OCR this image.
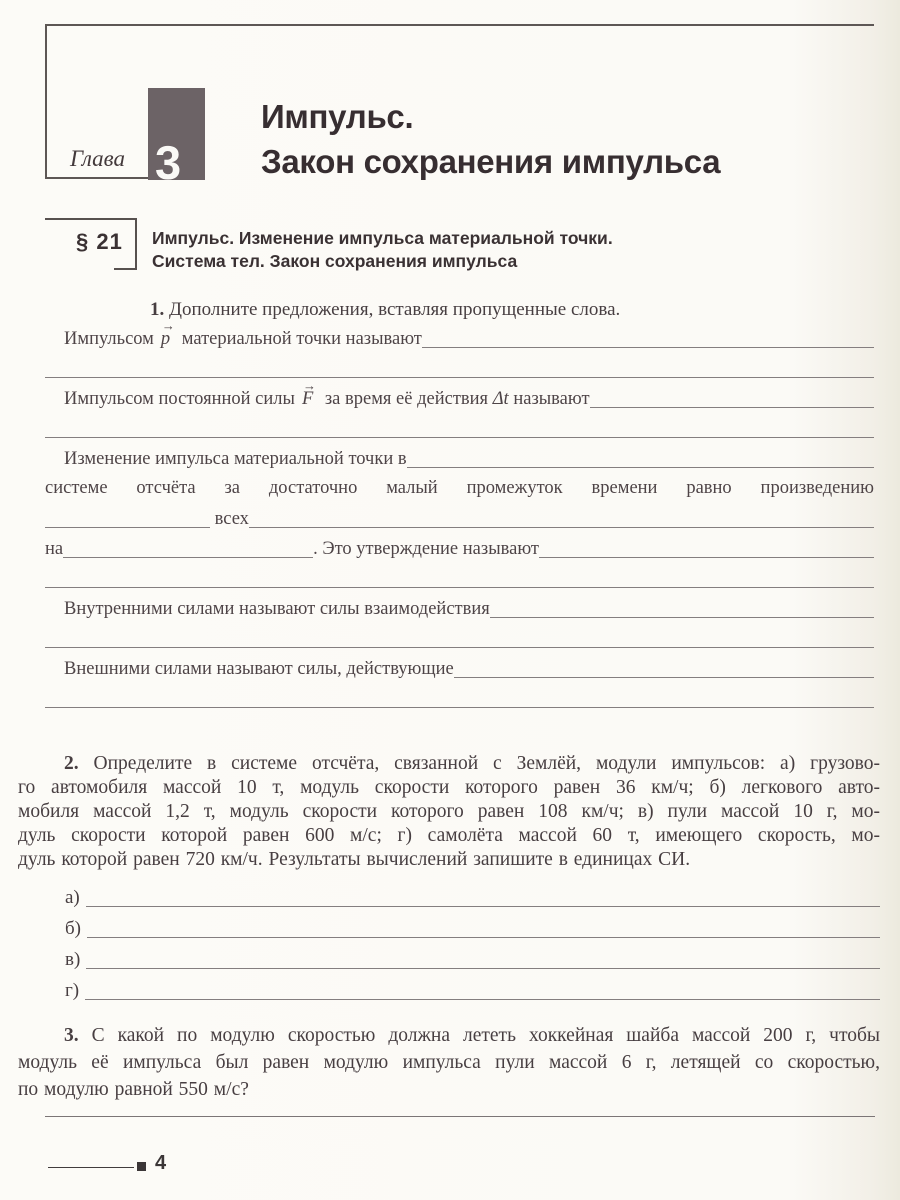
Глава 3
Импульс.
Закон сохранения импульса
§ 21	Импульс. Изменение импульса материальной точки.
Система тел. Закон сохранения импульса
1. Дополните предложения, вставляя пропущенные слова.
Импульсом
→
p материальной точки называют
Импульсом постоянной силы
→
F за время её действия Δt называют
Изменение импульса материальной точки в
системе отсчёта за достаточно малый промежуток времени равно произведению
всех
на	. Это утверждение называют
Внутренними силами называют силы взаимодействия
Внешними силами называют силы, действующие
2. Определите в системе отсчёта, связанной с Землёй, модули импульсов: а) грузово-
го автомобиля массой 10 т, модуль скорости которого равен 36 км/ч; б) легкового авто-
мобиля массой 1,2 т, модуль скорости которого равен 108 км/ч; в) пули массой 10 г, мо-
дуль скорости которой равен 600 м/с; г) самолёта массой 60 т, имеющего скорость, мо-
дуль которой равен 720 км/ч. Результаты вычислений запишите в единицах СИ.
а)
б)
в)
г)
3. С какой по модулю скоростью должна лететь хоккейная шайба массой 200 г, чтобы
модуль её импульса был равен модулю импульса пули массой 6 г, летящей со скоростью,
по модулю равной 550 м/с?
4
